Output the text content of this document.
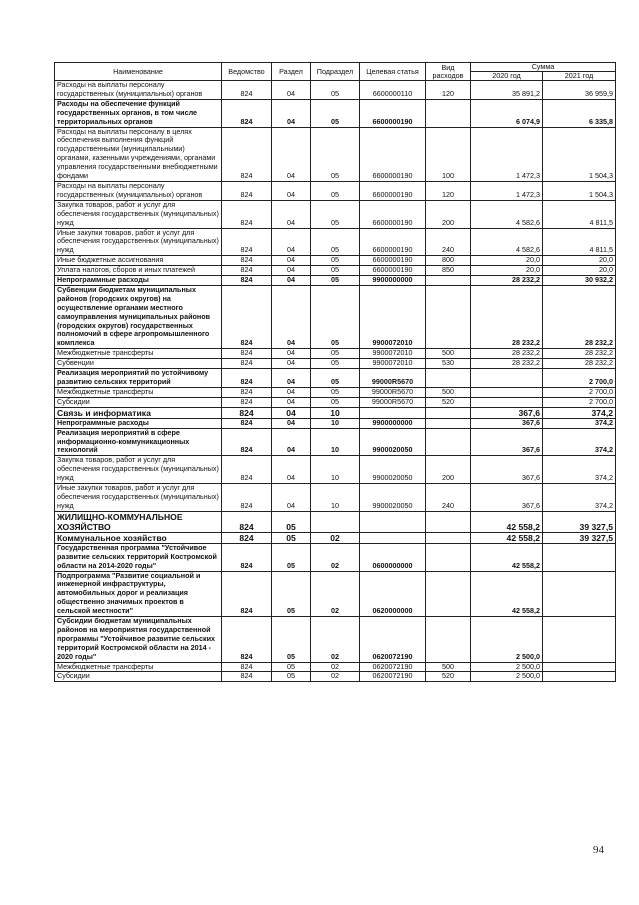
Наименование	Ведомство	Раздел	Подраздел	Целевая статья	Вид расходов	Сумма	
						2020 год	2021 год
Расходы на выплаты персоналу государственных (муниципальных) органов	824	04	05	6600000110	120	35 891,2	36 959,9
Расходы на обеспечение функций государственных органов, в том числе территориальных органов	824	04	05	6600000190		6 074,9	6 335,8
Расходы на выплаты персоналу в целях обеспечения выполнения функций государственными (муниципальными) органами, казенными учреждениями, органами управления государственными внебюджетными фондами	824	04	05	6600000190	100	1 472,3	1 504,3
Расходы на выплаты персоналу государственных (муниципальных) органов	824	04	05	6600000190	120	1 472,3	1 504,3
Закупка товаров, работ и услуг для обеспечения государственных (муниципальных) нужд	824	04	05	6600000190	200	4 582,6	4 811,5
Иные закупки товаров, работ и услуг для обеспечения государственных (муниципальных) нужд	824	04	05	6600000190	240	4 582,6	4 811,5
Иные бюджетные ассигнования	824	04	05	6600000190	800	20,0	20,0
Уплата налогов, сборов и иных платежей	824	04	05	6600000190	850	20,0	20,0
Непрограммные расходы	824	04	05	9900000000		28 232,2	30 932,2
Субвенции бюджетам муниципальных районов (городских округов) на осуществление органами местного самоуправления муниципальных районов (городских округов) государственных полномочий в сфере агропромышленного комплекса	824	04	05	9900072010		28 232,2	28 232,2
Межбюджетные трансферты	824	04	05	9900072010	500	28 232,2	28 232,2
Субвенции	824	04	05	9900072010	530	28 232,2	28 232,2
Реализация мероприятий по устойчивому развитию сельских территорий	824	04	05	99000R5670			2 700,0
Межбюджетные трансферты	824	04	05	99000R5670	500		2 700,0
Субсидии	824	04	05	99000R5670	520		2 700,0
Связь и информатика	824	04	10			367,6	374,2
Непрограммные расходы	824	04	10	9900000000		367,6	374,2
Реализация мероприятий в сфере информационно-коммуникационных технологий	824	04	10	9900020050		367,6	374,2
Закупка товаров, работ и услуг для обеспечения государственных (муниципальных) нужд	824	04	10	9900020050	200	367,6	374,2
Иные закупки товаров, работ и услуг для обеспечения государственных (муниципальных) нужд	824	04	10	9900020050	240	367,6	374,2
ЖИЛИЩНО-КОММУНАЛЬНОЕ ХОЗЯЙСТВО	824	05				42 558,2	39 327,5
Коммунальное хозяйство	824	05	02			42 558,2	39 327,5
Государственная программа "Устойчивое развитие сельских территорий Костромской области на 2014-2020 годы"	824	05	02	0600000000		42 558,2	
Подпрограмма "Развитие социальной и инженерной инфраструктуры, автомобильных дорог и реализация общественно значимых проектов в сельской местности"	824	05	02	0620000000		42 558,2	
Субсидии бюджетам муниципальных районов на мероприятия государственной программы "Устойчивое развитие сельских территорий Костромской области на 2014 - 2020 годы"	824	05	02	0620072190		2 500,0	
Межбюджетные трансферты	824	05	02	0620072190	500	2 500,0	
Субсидии	824	05	02	0620072190	520	2 500,0	
94
